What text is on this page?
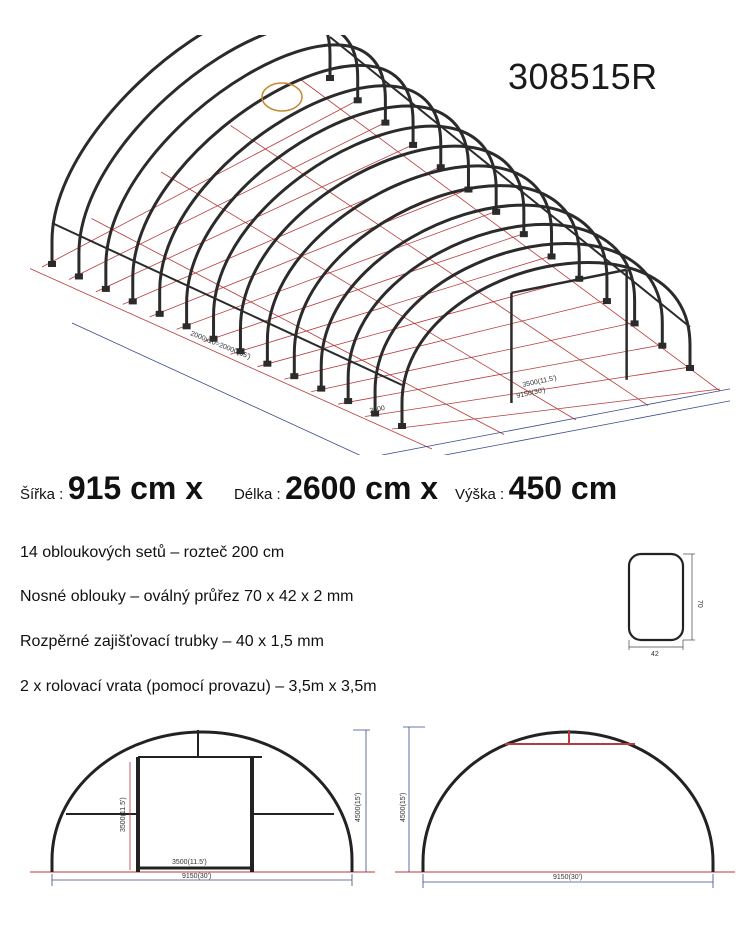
308515R
2000x10=20000(65')
2000
3500(11.5')
9150(30')
Šířka : 915 cm x Délka : 2600 cm x Výška : 450 cm
14 obloukových setů – rozteč 200 cm
Nosné oblouky – oválný průřez 70 x 42 x 2 mm
Rozpěrné zajišťovací trubky – 40 x 1,5 mm
2 x rolovací vrata (pomocí provazu) – 3,5m x 3,5m
70
42
3500(11.5')
3500(11.5')
9150(30')
4500(15')	4500(15')
9150(30')
